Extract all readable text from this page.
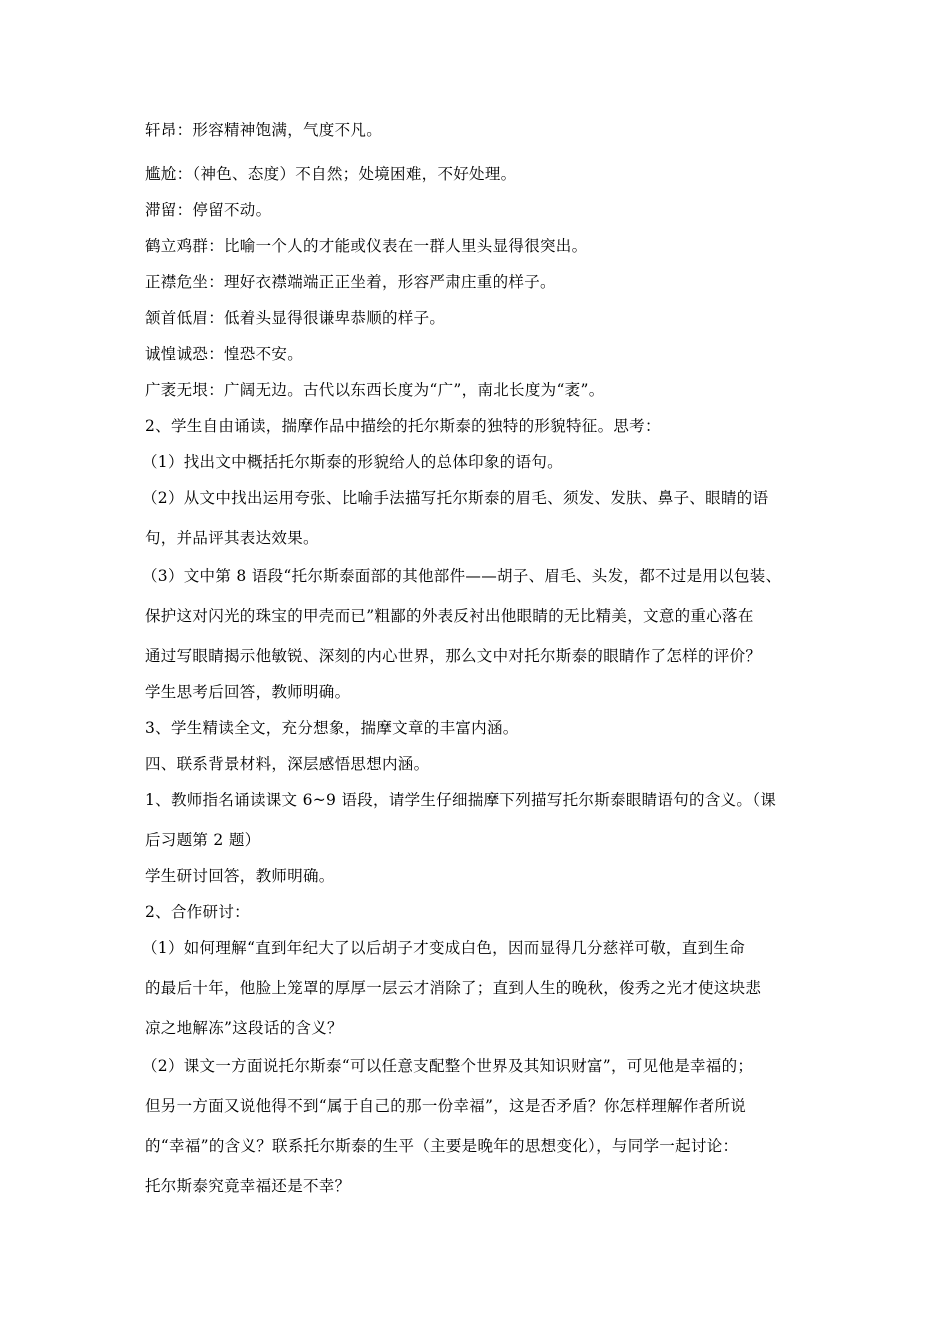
轩昂：形容精神饱满，气度不凡。
尴尬：（神色、态度）不自然；处境困难，不好处理。
滞留：停留不动。
鹤立鸡群：比喻一个人的才能或仪表在一群人里头显得很突出。
正襟危坐：理好衣襟端端正正坐着，形容严肃庄重的样子。
颔首低眉：低着头显得很谦卑恭顺的样子。
诚惶诚恐：惶恐不安。
广袤无垠：广阔无边。古代以东西长度为“广”，南北长度为“袤”。
2、学生自由诵读，揣摩作品中描绘的托尔斯泰的独特的形貌特征。思考：
（1）找出文中概括托尔斯泰的形貌给人的总体印象的语句。
（2）从文中找出运用夸张、比喻手法描写托尔斯泰的眉毛、须发、发肤、鼻子、眼睛的语
句，并品评其表达效果。
（3）文中第 8 语段“托尔斯泰面部的其他部件——胡子、眉毛、头发，都不过是用以包装、
保护这对闪光的珠宝的甲壳而已”粗鄙的外表反衬出他眼睛的无比精美，文意的重心落在
通过写眼睛揭示他敏锐、深刻的内心世界，那么文中对托尔斯泰的眼睛作了怎样的评价？
学生思考后回答，教师明确。
3、学生精读全文，充分想象，揣摩文章的丰富内涵。
四、联系背景材料，深层感悟思想内涵。
1、教师指名诵读课文 6~9 语段，请学生仔细揣摩下列描写托尔斯泰眼睛语句的含义。（课
后习题第 2 题）
学生研讨回答，教师明确。
2、合作研讨：
（1）如何理解“直到年纪大了以后胡子才变成白色，因而显得几分慈祥可敬，直到生命
的最后十年，他脸上笼罩的厚厚一层云才消除了；直到人生的晚秋，俊秀之光才使这块悲
凉之地解冻”这段话的含义？
（2）课文一方面说托尔斯泰“可以任意支配整个世界及其知识财富”，可见他是幸福的；
但另一方面又说他得不到“属于自己的那一份幸福”，这是否矛盾？你怎样理解作者所说
的“幸福”的含义？联系托尔斯泰的生平（主要是晚年的思想变化），与同学一起讨论：
托尔斯泰究竟幸福还是不幸？
